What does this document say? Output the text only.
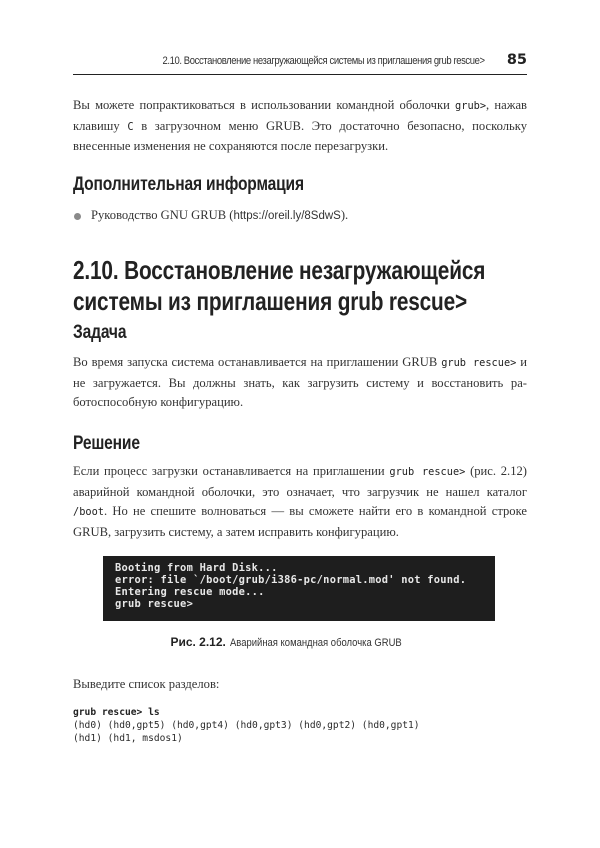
2.10. Восстановление незагружающейся системы из приглашения grub rescue> 85

Вы можете попрактиковаться в использовании командной оболочки grub>, нажав клавишу C в загрузочном меню GRUB. Это достаточно безопасно, поскольку внесенные изменения не сохраняются после перезагрузки.

Дополнительная информация
Руководство GNU GRUB (https://oreil.ly/8SdwS).
2.10. Восстановление незагружающейся системы из приглашения grub rescue>
Задача

Во время запуска система останавливается на приглашении GRUB grub rescue> и не загружается. Вы должны знать, как загрузить систему и восстановить работоспособную конфигурацию.

Решение

Если процесс загрузки останавливается на приглашении grub rescue> (рис. 2.12) аварийной командной оболочки, это означает, что загрузчик не нашел каталог /boot. Но не спешите волноваться — вы сможете найти его в командной строке GRUB, загрузить систему, а затем исправить конфигурацию.

Booting from Hard Disk...
error: file `/boot/grub/i386-pc/normal.mod' not found.
Entering rescue mode...
grub rescue>
Рис. 2.12. Аварийная командная оболочка GRUB

Выведите список разделов:

grub rescue> ls
(hd0) (hd0,gpt5) (hd0,gpt4) (hd0,gpt3) (hd0,gpt2) (hd0,gpt1)
(hd1) (hd1, msdos1)
